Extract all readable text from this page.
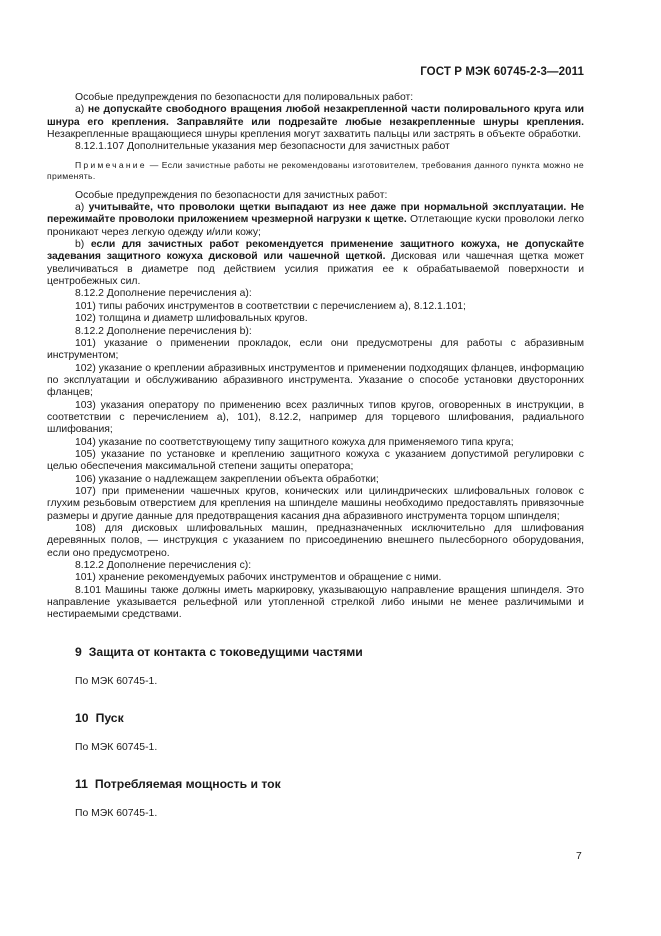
ГОСТ Р МЭК 60745-2-3—2011

Особые предупреждения по безопасности для полировальных работ:

а) не допускайте свободного вращения любой незакрепленной части полировального круга или шнура его крепления. Заправляйте или подрезайте любые незакрепленные шнуры крепления. Незакрепленные вращающиеся шнуры крепления могут захватить пальцы или застрять в объекте обработки.

8.12.1.107 Дополнительные указания мер безопасности для зачистных работ

Примечание — Если зачистные работы не рекомендованы изготовителем, требования данного пункта можно не применять.

Особые предупреждения по безопасности для зачистных работ:

а) учитывайте, что проволоки щетки выпадают из нее даже при нормальной эксплуатации. Не пережимайте проволоки приложением чрезмерной нагрузки к щетке. Отлетающие куски проволоки легко проникают через легкую одежду и/или кожу;

b) если для зачистных работ рекомендуется применение защитного кожуха, не допускайте задевания защитного кожуха дисковой или чашечной щеткой. Дисковая или чашечная щетка может увеличиваться в диаметре под действием усилия прижатия ее к обрабатываемой поверхности и центробежных сил.

8.12.2 Дополнение перечисления а):

101) типы рабочих инструментов в соответствии с перечислением а), 8.12.1.101;

102) толщина и диаметр шлифовальных кругов.

8.12.2 Дополнение перечисления b):

101) указание о применении прокладок, если они предусмотрены для работы с абразивным инструментом;

102) указание о креплении абразивных инструментов и применении подходящих фланцев, информацию по эксплуатации и обслуживанию абразивного инструмента. Указание о способе установки двусторонних фланцев;

103) указания оператору по применению всех различных типов кругов, оговоренных в инструкции, в соответствии с перечислением а), 101), 8.12.2, например для торцевого шлифования, радиального шлифования;

104) указание по соответствующему типу защитного кожуха для применяемого типа круга;

105) указание по установке и креплению защитного кожуха с указанием допустимой регулировки с целью обеспечения максимальной степени защиты оператора;

106) указание о надлежащем закреплении объекта обработки;

107) при применении чашечных кругов, конических или цилиндрических шлифовальных головок с глухим резьбовым отверстием для крепления на шпинделе машины необходимо предоставлять привязочные размеры и другие данные для предотвращения касания дна абразивного инструмента торцом шпинделя;

108) для дисковых шлифовальных машин, предназначенных исключительно для шлифования деревянных полов, — инструкция с указанием по присоединению внешнего пылесборного оборудования, если оно предусмотрено.

8.12.2 Дополнение перечисления с):

101) хранение рекомендуемых рабочих инструментов и обращение с ними.

8.101 Машины также должны иметь маркировку, указывающую направление вращения шпинделя. Это направление указывается рельефной или утопленной стрелкой либо иными не менее различимыми и нестираемыми средствами.

9 Защита от контакта с токоведущими частями

По МЭК 60745-1.

10 Пуск

По МЭК 60745-1.

11 Потребляемая мощность и ток

По МЭК 60745-1.

7
